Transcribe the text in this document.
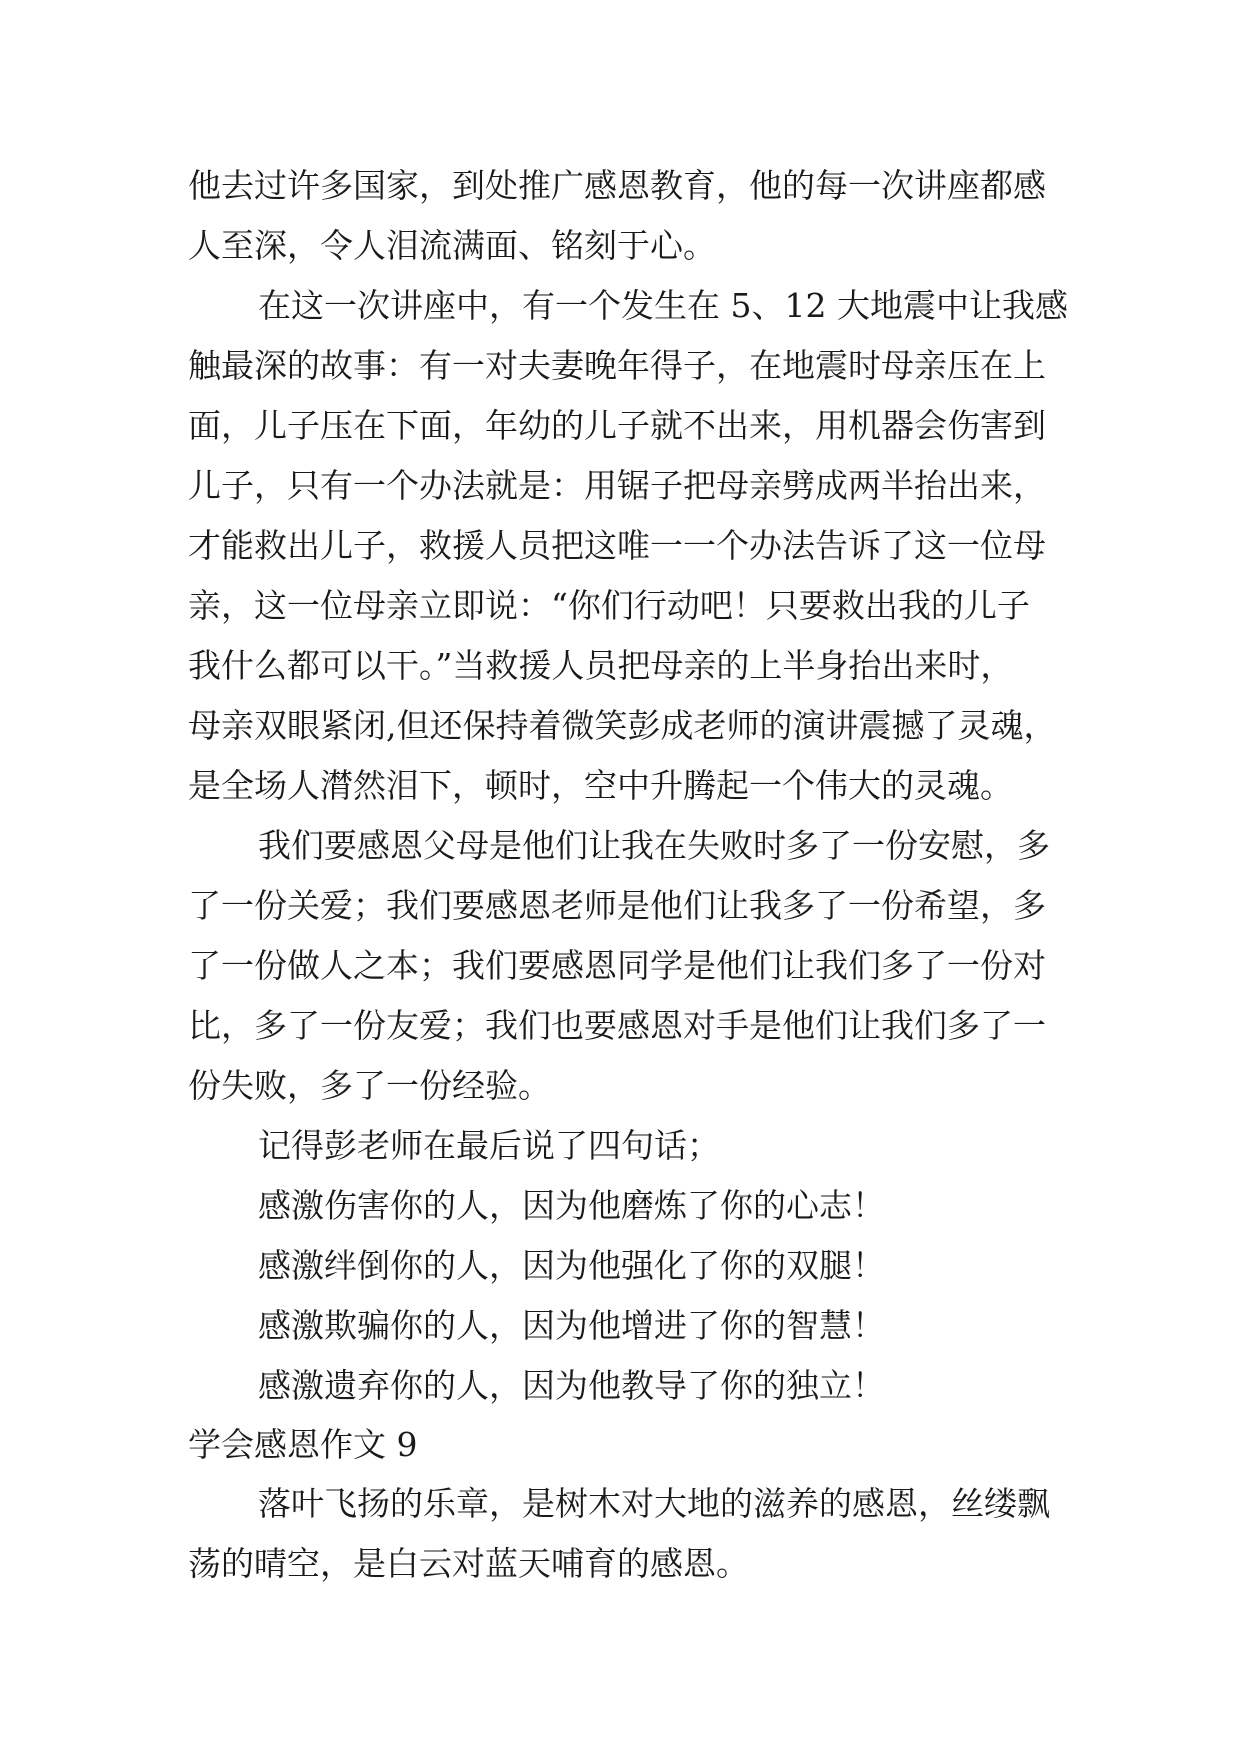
他去过许多国家，到处推广感恩教育，他的每一次讲座都感
人至深，令人泪流满面、铭刻于心。
在这一次讲座中，有一个发生在 5、12 大地震中让我感
触最深的故事：有一对夫妻晚年得子，在地震时母亲压在上
面，儿子压在下面，年幼的儿子就不出来，用机器会伤害到
儿子，只有一个办法就是：用锯子把母亲劈成两半抬出来，
才能救出儿子，救援人员把这唯一一个办法告诉了这一位母
亲，这一位母亲立即说：“你们行动吧！只要救出我的儿子
我什么都可以干。”当救援人员把母亲的上半身抬出来时，
母亲双眼紧闭,但还保持着微笑彭成老师的演讲震撼了灵魂，
是全场人潸然泪下，顿时，空中升腾起一个伟大的灵魂。
我们要感恩父母是他们让我在失败时多了一份安慰，多
了一份关爱；我们要感恩老师是他们让我多了一份希望，多
了一份做人之本；我们要感恩同学是他们让我们多了一份对
比，多了一份友爱；我们也要感恩对手是他们让我们多了一
份失败，多了一份经验。
记得彭老师在最后说了四句话；
感激伤害你的人，因为他磨炼了你的心志！
感激绊倒你的人，因为他强化了你的双腿！
感激欺骗你的人，因为他增进了你的智慧！
感激遗弃你的人，因为他教导了你的独立！
学会感恩作文 9
落叶飞扬的乐章，是树木对大地的滋养的感恩，丝缕飘
荡的晴空，是白云对蓝天哺育的感恩。
